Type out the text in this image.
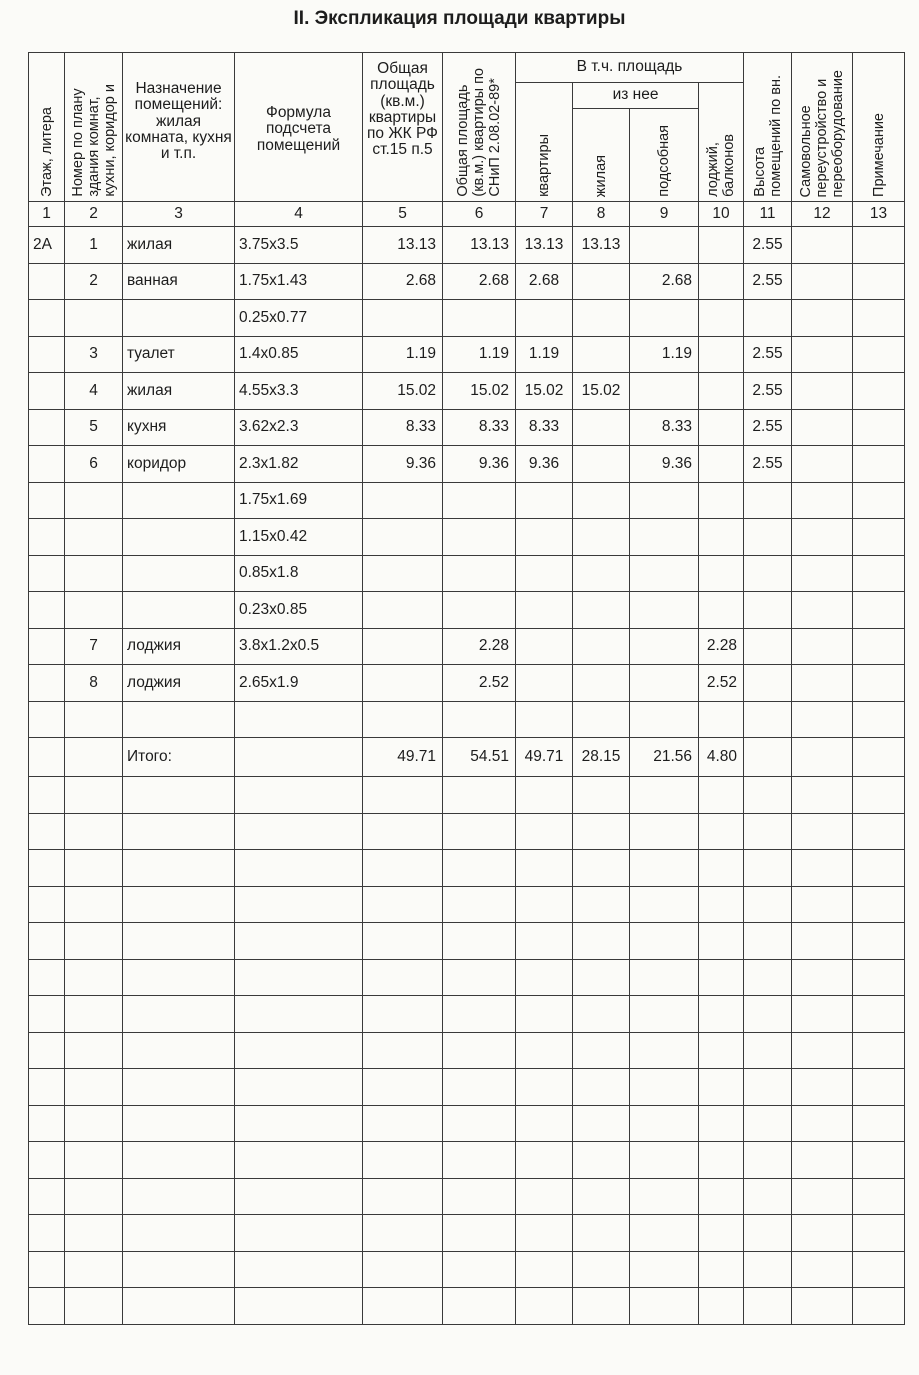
II. Экспликация площади квартиры
Этаж, литера	Номер по плану
здания комнат,
кухни, коридор и	Назначение помещений: жилая комната, кухня и т.п.	Формула подсчета помещений	Общая площадь (кв.м.) квартиры по ЖК РФ ст.15 п.5	Общая площадь
(кв.м.) квартиры по
СНиП 2.08.02-89*	В т.ч. площадь				Высота
помещений по вн.	Самовольное
переустройство и
переоборудование	Примечание

						квартиры	из нее		лоджий,
балконов			

							жилая	подсобная				

1	2	3	4	5	6	7	8	9	10	11	12	13
2А	1	жилая	3.75x3.5	13.13	13.13	13.13	13.13			2.55		
	2	ванная	1.75x1.43	2.68	2.68	2.68		2.68		2.55		
			0.25x0.77									
	3	туалет	1.4x0.85	1.19	1.19	1.19		1.19		2.55		
	4	жилая	4.55x3.3	15.02	15.02	15.02	15.02			2.55		
	5	кухня	3.62x2.3	8.33	8.33	8.33		8.33		2.55		
	6	коридор	2.3x1.82	9.36	9.36	9.36		9.36		2.55		
			1.75x1.69									
			1.15x0.42									
			0.85x1.8									
			0.23x0.85									
	7	лоджия	3.8x1.2x0.5		2.28				2.28			
	8	лоджия	2.65x1.9		2.52				2.52			

		Итого:		49.71	54.51	49.71	28.15	21.56	4.80			
